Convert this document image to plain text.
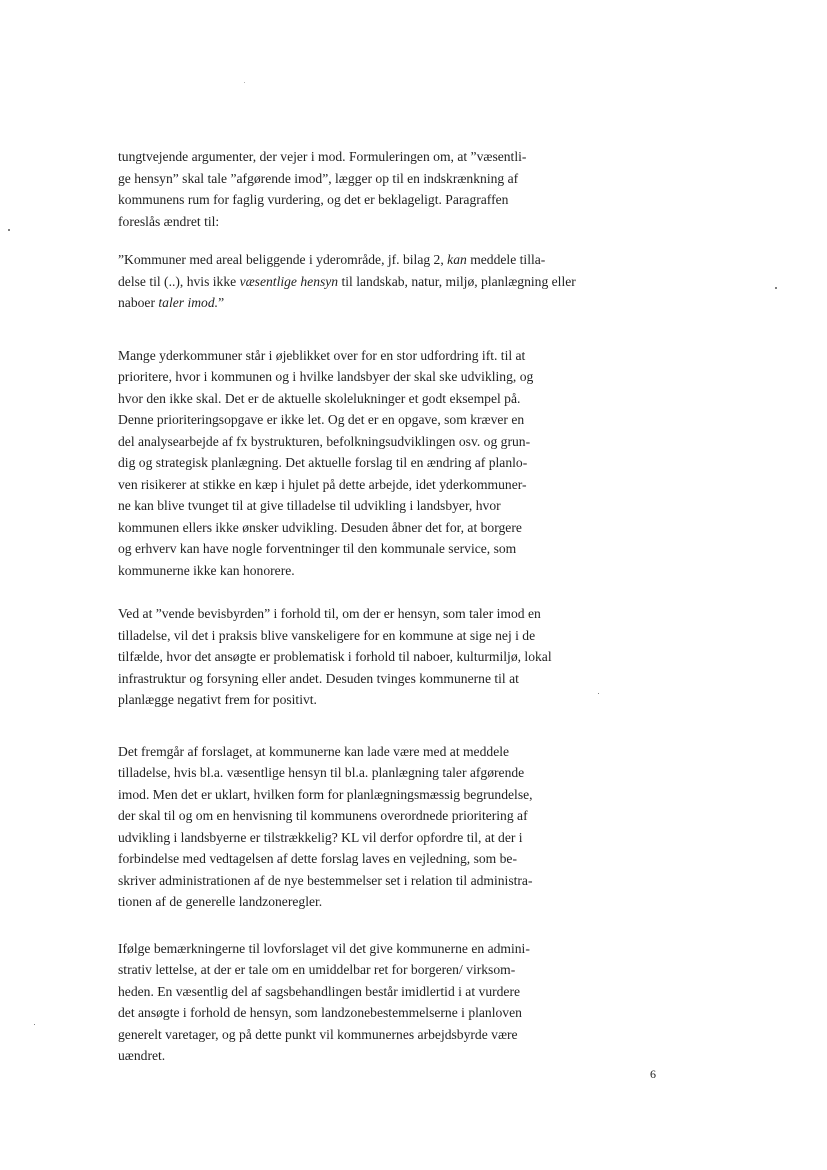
tungtvejende argumenter, der vejer i mod. Formuleringen om, at ”væsentli-
ge hensyn” skal tale ”afgørende imod”, lægger op til en indskrænkning af
kommunens rum for faglig vurdering, og det er beklageligt. Paragraffen
foreslås ændret til:

”Kommuner med areal beliggende i yderområde, jf. bilag 2, kan meddele tilla-
delse til (..), hvis ikke væsentlige hensyn til landskab, natur, miljø, planlægning eller
naboer taler imod.”

Mange yderkommuner står i øjeblikket over for en stor udfordring ift. til at
prioritere, hvor i kommunen og i hvilke landsbyer der skal ske udvikling, og
hvor den ikke skal. Det er de aktuelle skolelukninger et godt eksempel på.
Denne prioriteringsopgave er ikke let. Og det er en opgave, som kræver en
del analysearbejde af fx bystrukturen, befolkningsudviklingen osv. og grun-
dig og strategisk planlægning. Det aktuelle forslag til en ændring af planlo-
ven risikerer at stikke en kæp i hjulet på dette arbejde, idet yderkommuner-
ne kan blive tvunget til at give tilladelse til udvikling i landsbyer, hvor
kommunen ellers ikke ønsker udvikling. Desuden åbner det for, at borgere
og erhverv kan have nogle forventninger til den kommunale service, som
kommunerne ikke kan honorere.

Ved at ”vende bevisbyrden” i forhold til, om der er hensyn, som taler imod en
tilladelse, vil det i praksis blive vanskeligere for en kommune at sige nej i de
tilfælde, hvor det ansøgte er problematisk i forhold til naboer, kulturmiljø, lokal
infrastruktur og forsyning eller andet. Desuden tvinges kommunerne til at
planlægge negativt frem for positivt.

Det fremgår af forslaget, at kommunerne kan lade være med at meddele
tilladelse, hvis bl.a. væsentlige hensyn til bl.a. planlægning taler afgørende
imod. Men det er uklart, hvilken form for planlægningsmæssig begrundelse,
der skal til og om en henvisning til kommunens overordnede prioritering af
udvikling i landsbyerne er tilstrækkelig? KL vil derfor opfordre til, at der i
forbindelse med vedtagelsen af dette forslag laves en vejledning, som be-
skriver administrationen af de nye bestemmelser set i relation til administra-
tionen af de generelle landzoneregler.

Ifølge bemærkningerne til lovforslaget vil det give kommunerne en admini-
strativ lettelse, at der er tale om en umiddelbar ret for borgeren/ virksom-
heden. En væsentlig del af sagsbehandlingen består imidlertid i at vurdere
det ansøgte i forhold de hensyn, som landzonebestemmelserne i planloven
generelt varetager, og på dette punkt vil kommunernes arbejdsbyrde være
uændret.

6
